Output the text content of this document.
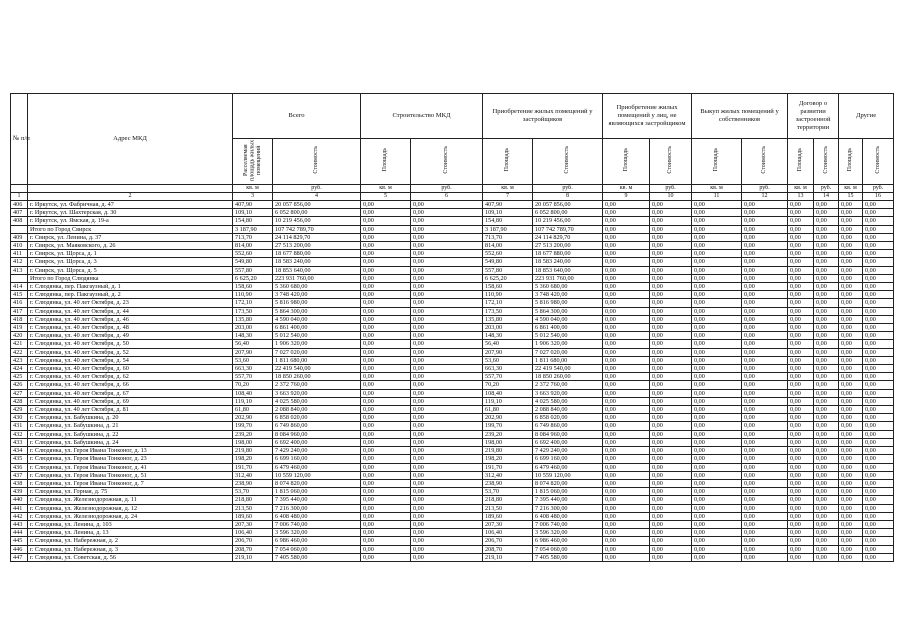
№ п/п	Адрес МКД	Всего		Строительство МКД		Приобретение жилых помещений у застройщиков		Приобретение жилых помещений у лиц, не являющихся застройщиком		Выкуп жилых помещений у собственников		Договор о развитии застроенной территории		Другие	
		Расселяемая площадь жилых помещений	Стоимость	Площадь	Стоимость	Площадь	Стоимость	Площадь	Стоимость	Площадь	Стоимость	Площадь	Стоимость	Площадь	Стоимость
		кв. м	руб.	кв. м	руб.	кв. м	руб.	кв. м	руб.	кв. м	руб.	кв. м	руб.	кв. м	руб.
1	2	3	4	5	6	7	8	9	10	11	12	13	14	15	16
406	г. Иркутск, ул. Фабричная, д. 47	407,90	20 057 856,00	0,00	0,00	407,90	20 057 856,00	0,00	0,00	0,00	0,00	0,00	0,00	0,00	0,00
407	г. Иркутск, ул. Шахтерская, д. 30	109,10	6 052 800,00	0,00	0,00	109,10	6 052 800,00	0,00	0,00	0,00	0,00	0,00	0,00	0,00	0,00
408	г. Иркутск, ул. Ямская, д. 19-а	154,80	10 219 456,00	0,00	0,00	154,80	10 219 456,00	0,00	0,00	0,00	0,00	0,00	0,00	0,00	0,00
	Итого по Город Свирск	3 187,90	107 742 789,70	0,00	0,00	3 187,90	107 742 789,70	0,00	0,00	0,00	0,00	0,00	0,00	0,00	0,00
409	г. Свирск, ул. Ленина, д. 37	713,70	24 114 829,70	0,00	0,00	713,70	24 114 829,70	0,00	0,00	0,00	0,00	0,00	0,00	0,00	0,00
410	г. Свирск, ул. Маяковского, д. 26	814,00	27 513 200,00	0,00	0,00	814,00	27 513 200,00	0,00	0,00	0,00	0,00	0,00	0,00	0,00	0,00
411	г. Свирск, ул. Щорса, д. 1	552,60	18 677 880,00	0,00	0,00	552,60	18 677 880,00	0,00	0,00	0,00	0,00	0,00	0,00	0,00	0,00
412	г. Свирск, ул. Щорса, д. 3	549,80	18 583 240,00	0,00	0,00	549,80	18 583 240,00	0,00	0,00	0,00	0,00	0,00	0,00	0,00	0,00
413	г. Свирск, ул. Щорса, д. 5	557,80	18 853 640,00	0,00	0,00	557,80	18 853 640,00	0,00	0,00	0,00	0,00	0,00	0,00	0,00	0,00
	Итого по Город Слюдянка	6 625,20	223 931 760,00	0,00	0,00	6 625,20	223 931 760,00	0,00	0,00	0,00	0,00	0,00	0,00	0,00	0,00
414	г. Слюдянка, пер. Пакгаузный, д. 1	158,60	5 360 680,00	0,00	0,00	158,60	5 360 680,00	0,00	0,00	0,00	0,00	0,00	0,00	0,00	0,00
415	г. Слюдянка, пер. Пакгаузный, д. 2	110,90	3 748 420,00	0,00	0,00	110,90	3 748 420,00	0,00	0,00	0,00	0,00	0,00	0,00	0,00	0,00
416	г. Слюдянка, ул. 40 лет Октября, д. 23	172,10	5 816 980,00	0,00	0,00	172,10	5 816 980,00	0,00	0,00	0,00	0,00	0,00	0,00	0,00	0,00
417	г. Слюдянка, ул. 40 лет Октября, д. 44	173,50	5 864 300,00	0,00	0,00	173,50	5 864 300,00	0,00	0,00	0,00	0,00	0,00	0,00	0,00	0,00
418	г. Слюдянка, ул. 40 лет Октября, д. 46	135,80	4 590 040,00	0,00	0,00	135,80	4 590 040,00	0,00	0,00	0,00	0,00	0,00	0,00	0,00	0,00
419	г. Слюдянка, ул. 40 лет Октября, д. 48	203,00	6 861 400,00	0,00	0,00	203,00	6 861 400,00	0,00	0,00	0,00	0,00	0,00	0,00	0,00	0,00
420	г. Слюдянка, ул. 40 лет Октября, д. 49	148,30	5 012 540,00	0,00	0,00	148,30	5 012 540,00	0,00	0,00	0,00	0,00	0,00	0,00	0,00	0,00
421	г. Слюдянка, ул. 40 лет Октября, д. 50	56,40	1 906 320,00	0,00	0,00	56,40	1 906 320,00	0,00	0,00	0,00	0,00	0,00	0,00	0,00	0,00
422	г. Слюдянка, ул. 40 лет Октября, д. 52	207,90	7 027 020,00	0,00	0,00	207,90	7 027 020,00	0,00	0,00	0,00	0,00	0,00	0,00	0,00	0,00
423	г. Слюдянка, ул. 40 лет Октября, д. 54	53,60	1 811 680,00	0,00	0,00	53,60	1 811 680,00	0,00	0,00	0,00	0,00	0,00	0,00	0,00	0,00
424	г. Слюдянка, ул. 40 лет Октября, д. 60	663,30	22 419 540,00	0,00	0,00	663,30	22 419 540,00	0,00	0,00	0,00	0,00	0,00	0,00	0,00	0,00
425	г. Слюдянка, ул. 40 лет Октября, д. 62	557,70	18 850 260,00	0,00	0,00	557,70	18 850 260,00	0,00	0,00	0,00	0,00	0,00	0,00	0,00	0,00
426	г. Слюдянка, ул. 40 лет Октября, д. 66	70,20	2 372 760,00	0,00	0,00	70,20	2 372 760,00	0,00	0,00	0,00	0,00	0,00	0,00	0,00	0,00
427	г. Слюдянка, ул. 40 лет Октября, д. 67	108,40	3 663 920,00	0,00	0,00	108,40	3 663 920,00	0,00	0,00	0,00	0,00	0,00	0,00	0,00	0,00
428	г. Слюдянка, ул. 40 лет Октября, д. 69	119,10	4 025 580,00	0,00	0,00	119,10	4 025 580,00	0,00	0,00	0,00	0,00	0,00	0,00	0,00	0,00
429	г. Слюдянка, ул. 40 лет Октября, д. 81	61,80	2 088 840,00	0,00	0,00	61,80	2 088 840,00	0,00	0,00	0,00	0,00	0,00	0,00	0,00	0,00
430	г. Слюдянка, ул. Бабушкина, д. 20	202,90	6 858 020,00	0,00	0,00	202,90	6 858 020,00	0,00	0,00	0,00	0,00	0,00	0,00	0,00	0,00
431	г. Слюдянка, ул. Бабушкина, д. 21	199,70	6 749 860,00	0,00	0,00	199,70	6 749 860,00	0,00	0,00	0,00	0,00	0,00	0,00	0,00	0,00
432	г. Слюдянка, ул. Бабушкина, д. 22	239,20	8 084 960,00	0,00	0,00	239,20	8 084 960,00	0,00	0,00	0,00	0,00	0,00	0,00	0,00	0,00
433	г. Слюдянка, ул. Бабушкина, д. 24	198,00	6 692 400,00	0,00	0,00	198,00	6 692 400,00	0,00	0,00	0,00	0,00	0,00	0,00	0,00	0,00
434	г. Слюдянка, ул. Героя Ивана Тонконог, д. 13	219,80	7 429 240,00	0,00	0,00	219,80	7 429 240,00	0,00	0,00	0,00	0,00	0,00	0,00	0,00	0,00
435	г. Слюдянка, ул. Героя Ивана Тонконог, д. 23	198,20	6 699 160,00	0,00	0,00	198,20	6 699 160,00	0,00	0,00	0,00	0,00	0,00	0,00	0,00	0,00
436	г. Слюдянка, ул. Героя Ивана Тонконог, д. 41	191,70	6 479 460,00	0,00	0,00	191,70	6 479 460,00	0,00	0,00	0,00	0,00	0,00	0,00	0,00	0,00
437	г. Слюдянка, ул. Героя Ивана Тонконог, д. 51	312,40	10 559 120,00	0,00	0,00	312,40	10 559 120,00	0,00	0,00	0,00	0,00	0,00	0,00	0,00	0,00
438	г. Слюдянка, ул. Героя Ивана Тонконог, д. 7	238,90	8 074 820,00	0,00	0,00	238,90	8 074 820,00	0,00	0,00	0,00	0,00	0,00	0,00	0,00	0,00
439	г. Слюдянка, ул. Горная, д. 75	53,70	1 815 060,00	0,00	0,00	53,70	1 815 060,00	0,00	0,00	0,00	0,00	0,00	0,00	0,00	0,00
440	г. Слюдянка, ул. Железнодорожная, д. 11	218,80	7 395 440,00	0,00	0,00	218,80	7 395 440,00	0,00	0,00	0,00	0,00	0,00	0,00	0,00	0,00
441	г. Слюдянка, ул. Железнодорожная, д. 12	213,50	7 216 300,00	0,00	0,00	213,50	7 216 300,00	0,00	0,00	0,00	0,00	0,00	0,00	0,00	0,00
442	г. Слюдянка, ул. Железнодорожная, д. 24	189,60	6 408 480,00	0,00	0,00	189,60	6 408 480,00	0,00	0,00	0,00	0,00	0,00	0,00	0,00	0,00
443	г. Слюдянка, ул. Ленина, д. 103	207,30	7 006 740,00	0,00	0,00	207,30	7 006 740,00	0,00	0,00	0,00	0,00	0,00	0,00	0,00	0,00
444	г. Слюдянка, ул. Ленина, д. 13	106,40	3 596 320,00	0,00	0,00	106,40	3 596 320,00	0,00	0,00	0,00	0,00	0,00	0,00	0,00	0,00
445	г. Слюдянка, ул. Набережная, д. 2	206,70	6 986 460,00	0,00	0,00	206,70	6 986 460,00	0,00	0,00	0,00	0,00	0,00	0,00	0,00	0,00
446	г. Слюдянка, ул. Набережная, д. 3	208,70	7 054 060,00	0,00	0,00	208,70	7 054 060,00	0,00	0,00	0,00	0,00	0,00	0,00	0,00	0,00
447	г. Слюдянка, ул. Советская, д. 56	219,10	7 405 580,00	0,00	0,00	219,10	7 405 580,00	0,00	0,00	0,00	0,00	0,00	0,00	0,00	0,00
